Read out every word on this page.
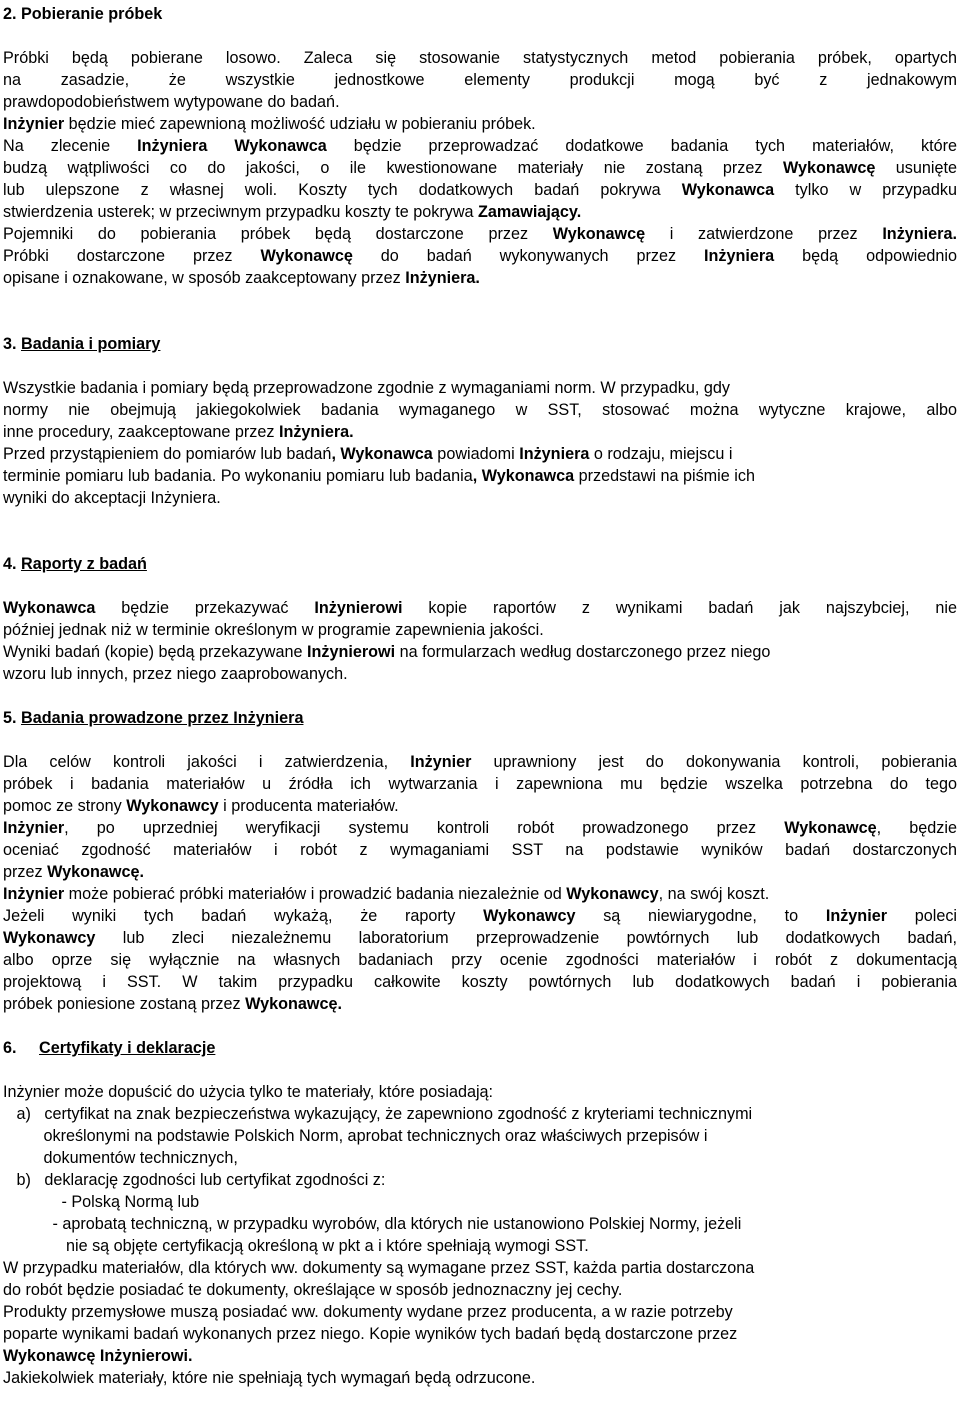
2. Pobieranie próbek
Próbki będą pobierane losowo. Zaleca się stosowanie statystycznych metod pobierania próbek, opartych
na zasadzie, że wszystkie jednostkowe elementy produkcji mogą być z jednakowym
prawdopodobieństwem wytypowane do badań.
Inżynier będzie mieć zapewnioną możliwość udziału w pobieraniu próbek.
Na zlecenie Inżyniera Wykonawca będzie przeprowadzać dodatkowe badania tych materiałów, które
budzą wątpliwości co do jakości, o ile kwestionowane materiały nie zostaną przez Wykonawcę usunięte
lub ulepszone z własnej woli. Koszty tych dodatkowych badań pokrywa Wykonawca tylko w przypadku
stwierdzenia usterek; w przeciwnym przypadku koszty te pokrywa Zamawiający.
Pojemniki do pobierania próbek będą dostarczone przez Wykonawcę i zatwierdzone przez Inżyniera.
Próbki dostarczone przez Wykonawcę do badań wykonywanych przez Inżyniera będą odpowiednio
opisane i oznakowane, w sposób zaakceptowany przez Inżyniera.
3. Badania i pomiary
Wszystkie badania i pomiary będą przeprowadzone zgodnie z wymaganiami norm. W przypadku, gdy
normy nie obejmują jakiegokolwiek badania wymaganego w SST, stosować można wytyczne krajowe, albo
inne procedury, zaakceptowane przez Inżyniera.
Przed przystąpieniem do pomiarów lub badań, Wykonawca powiadomi Inżyniera o rodzaju, miejscu i
terminie pomiaru lub badania. Po wykonaniu pomiaru lub badania, Wykonawca przedstawi na piśmie ich
wyniki do akceptacji Inżyniera.
4. Raporty z badań
Wykonawca będzie przekazywać Inżynierowi kopie raportów z wynikami badań jak najszybciej, nie
później jednak niż w terminie określonym w programie zapewnienia jakości.
Wyniki badań (kopie) będą przekazywane Inżynierowi na formularzach według dostarczonego przez niego
wzoru lub innych, przez niego zaaprobowanych.
5. Badania prowadzone przez Inżyniera
Dla celów kontroli jakości i zatwierdzenia, Inżynier uprawniony jest do dokonywania kontroli, pobierania
próbek i badania materiałów u źródła ich wytwarzania i zapewniona mu będzie wszelka potrzebna do tego
pomoc ze strony Wykonawcy i producenta materiałów.
Inżynier, po uprzedniej weryfikacji systemu kontroli robót prowadzonego przez Wykonawcę, będzie
oceniać zgodność materiałów i robót z wymaganiami SST na podstawie wyników badań dostarczonych
przez Wykonawcę.
Inżynier może pobierać próbki materiałów i prowadzić badania niezależnie od Wykonawcy, na swój koszt.
Jeżeli wyniki tych badań wykażą, że raporty Wykonawcy są niewiarygodne, to Inżynier poleci
Wykonawcy lub zleci niezależnemu laboratorium przeprowadzenie powtórnych lub dodatkowych badań,
albo oprze się wyłącznie na własnych badaniach przy ocenie zgodności materiałów i robót z dokumentacją
projektową i SST. W takim przypadku całkowite koszty powtórnych lub dodatkowych badań i pobierania
próbek poniesione zostaną przez Wykonawcę.
6.     Certyfikaty i deklaracje
Inżynier może dopuścić do użycia tylko te materiały, które posiadają:
a)   certyfikat na znak bezpieczeństwa wykazujący, że zapewniono zgodność z kryteriami technicznymi
określonymi na podstawie Polskich Norm, aprobat technicznych oraz właściwych przepisów i
dokumentów technicznych,
b)   deklarację zgodności lub certyfikat zgodności z:
- Polską Normą lub
- aprobatą techniczną, w przypadku wyrobów, dla których nie ustanowiono Polskiej Normy, jeżeli
nie są objęte certyfikacją określoną w pkt a i które spełniają wymogi SST.
W przypadku materiałów, dla których ww. dokumenty są wymagane przez SST, każda partia dostarczona
do robót będzie posiadać te dokumenty, określające w sposób jednoznaczny jej cechy.
Produkty przemysłowe muszą posiadać ww. dokumenty wydane przez producenta, a w razie potrzeby
poparte wynikami badań wykonanych przez niego. Kopie wyników tych badań będą dostarczone przez
Wykonawcę Inżynierowi.
Jakiekolwiek materiały, które nie spełniają tych wymagań będą odrzucone.
